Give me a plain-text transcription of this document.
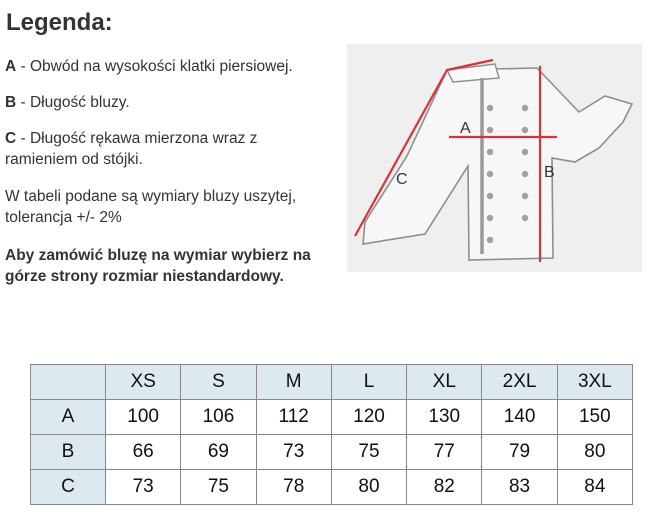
Legenda:

A - Obwód na wysokości klatki piersiowej.

B - Długość bluzy.

C - Długość rękawa mierzona wraz z ramieniem od stójki.

W tabeli podane są wymiary bluzy uszytej, tolerancja +/- 2%

Aby zamówić bluzę na wymiar wybierz na górze strony rozmiar niestandardowy.

A
B
C
	XS	S	M	L	XL	2XL	3XL
A	100	106	112	120	130	140	150
B	66	69	73	75	77	79	80
C	73	75	78	80	82	83	84
